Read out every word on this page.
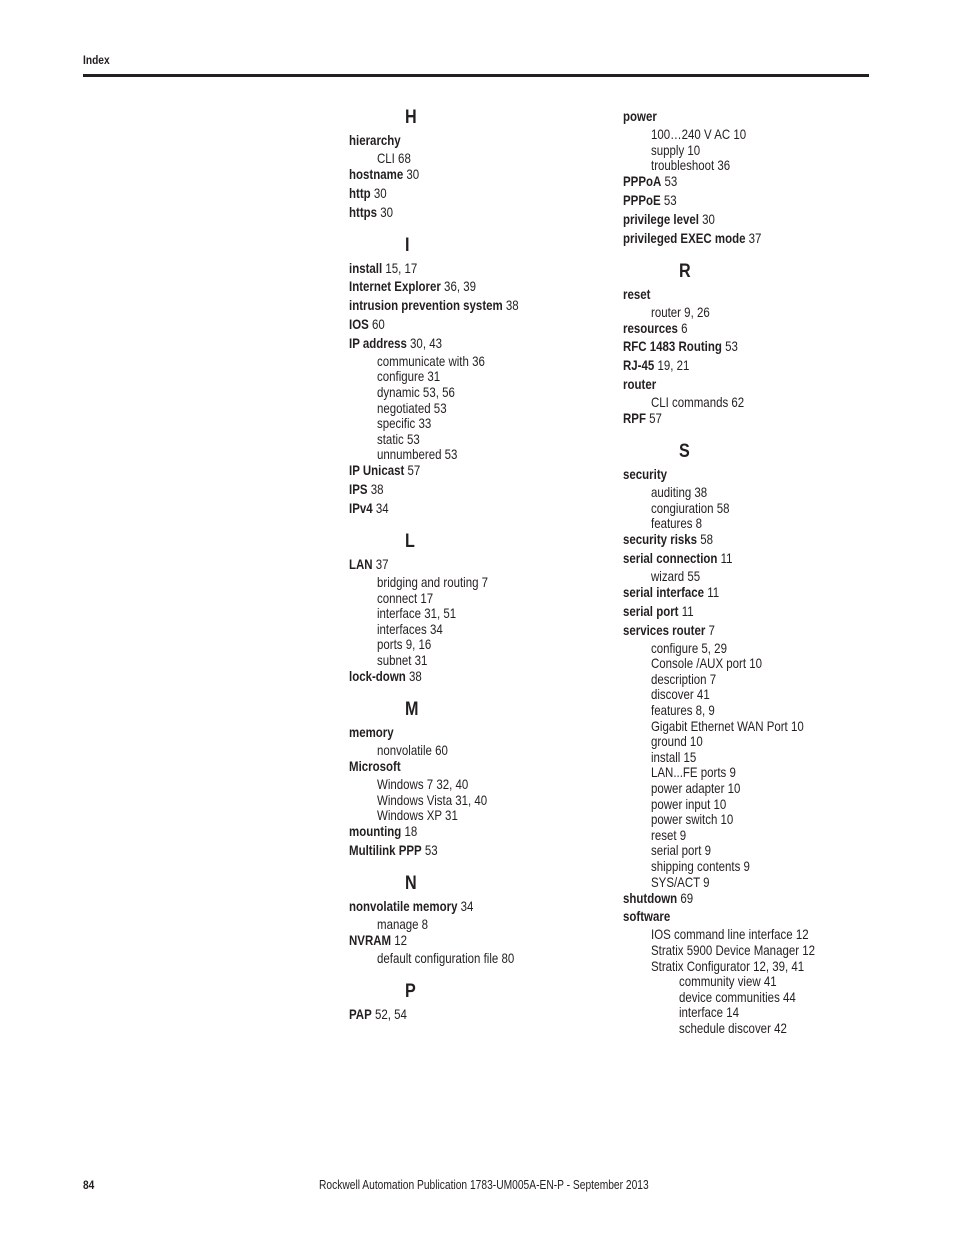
Index
H
hierarchy
CLI 68
hostname 30
http 30
https 30
I
install 15, 17
Internet Explorer 36, 39
intrusion prevention system 38
IOS 60
IP address 30, 43
communicate with 36
configure 31
dynamic 53, 56
negotiated 53
specific 33
static 53
unnumbered 53
IP Unicast 57
IPS 38
IPv4 34
L
LAN 37
bridging and routing 7
connect 17
interface 31, 51
interfaces 34
ports 9, 16
subnet 31
lock-down 38
M
memory
nonvolatile 60
Microsoft
Windows 7 32, 40
Windows Vista 31, 40
Windows XP 31
mounting 18
Multilink PPP 53
N
nonvolatile memory 34
manage 8
NVRAM 12
default configuration file 80
P
PAP 52, 54
power
100…240 V AC 10
supply 10
troubleshoot 36
PPPoA 53
PPPoE 53
privilege level 30
privileged EXEC mode 37
R
reset
router 9, 26
resources 6
RFC 1483 Routing 53
RJ-45 19, 21
router
CLI commands 62
RPF 57
S
security
auditing 38
congiuration 58
features 8
security risks 58
serial connection 11
wizard 55
serial interface 11
serial port 11
services router 7
configure 5, 29
Console /AUX port 10
description 7
discover 41
features 8, 9
Gigabit Ethernet WAN Port 10
ground 10
install 15
LAN...FE ports 9
power adapter 10
power input 10
power switch 10
reset 9
serial port 9
shipping contents 9
SYS/ACT 9
shutdown 69
software
IOS command line interface 12
Stratix 5900 Device Manager 12
Stratix Configurator 12, 39, 41
community view 41
device communities 44
interface 14
schedule discover 42
84	Rockwell Automation Publication 1783-UM005A-EN-P - September 2013
